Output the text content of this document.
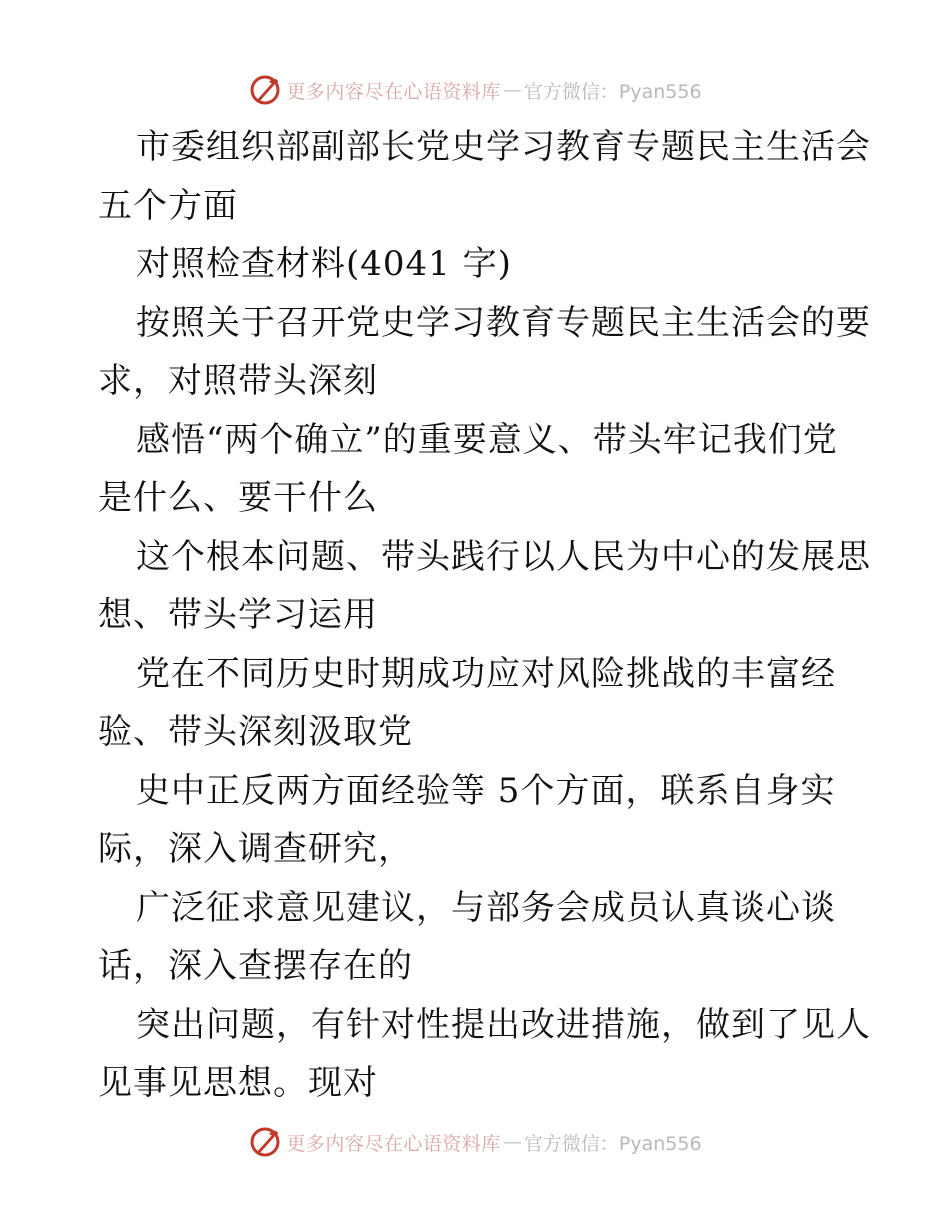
更多内容尽在心语资料库 — 官方微信：Pyan556
市委组织部副部长党史学习教育专题民主生活会
五个方面
对照检查材料(4041 字)
按照关于召开党史学习教育专题民主生活会的要
求，对照带头深刻
感悟“两个确立”的重要意义、带头牢记我们党
是什么、要干什么
这个根本问题、带头践行以人民为中心的发展思
想、带头学习运用
党在不同历史时期成功应对风险挑战的丰富经
验、带头深刻汲取党
史中正反两方面经验等 5个方面，联系自身实
际，深入调查研究，
广泛征求意见建议，与部务会成员认真谈心谈
话，深入查摆存在的
突出问题，有针对性提出改进措施，做到了见人
见事见思想。现对
更多内容尽在心语资料库 — 官方微信：Pyan556
